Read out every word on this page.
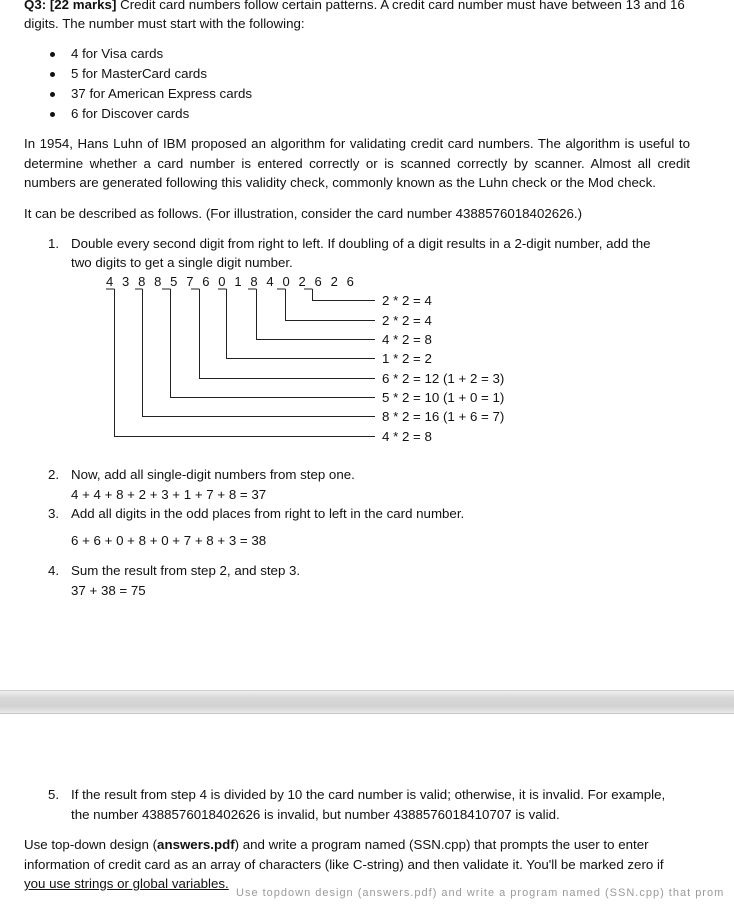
Q3: [22 marks] Credit card numbers follow certain patterns. A credit card number must have between 13 and 16
digits. The number must start with the following:
4 for Visa cards
5 for MasterCard cards
37 for American Express cards
6 for Discover cards
In 1954, Hans Luhn of IBM proposed an algorithm for validating credit card numbers. The algorithm is useful to determine whether a card number is entered correctly or is scanned correctly by scanner. Almost all credit numbers are generated following this validity check, commonly known as the Luhn check or the Mod check.
It can be described as follows. (For illustration, consider the card number 4388576018402626.)
1. Double every second digit from right to left. If doubling of a digit results in a 2-digit number, add the
two digits to get a single digit number.
4 3 8 8 5 7 6 0 1 8 4 0 2 6 2 6
2 * 2 = 4
2 * 2 = 4
4 * 2 = 8
1 * 2 = 2
6 * 2 = 12 (1 + 2 = 3)
5 * 2 = 10 (1 + 0 = 1)
8 * 2 = 16 (1 + 6 = 7)
4 * 2 = 8
2. Now, add all single-digit numbers from step one.
4 + 4 + 8 + 2 + 3 + 1 + 7 + 8 = 37
3. Add all digits in the odd places from right to left in the card number.
6 + 6 + 0 + 8 + 0 + 7 + 8 + 3 = 38
4. Sum the result from step 2, and step 3.
37 + 38 = 75
5. If the result from step 4 is divided by 10 the card number is valid; otherwise, it is invalid. For example,
the number 4388576018402626 is invalid, but number 4388576018410707 is valid.
Use top-down design (answers.pdf) and write a program named (SSN.cpp) that prompts the user to enter
information of credit card as an array of characters (like C-string) and then validate it. You'll be marked zero if
you use strings or global variables.
Use topdown design (answers.pdf) and write a program named (SSN.cpp) that prom
